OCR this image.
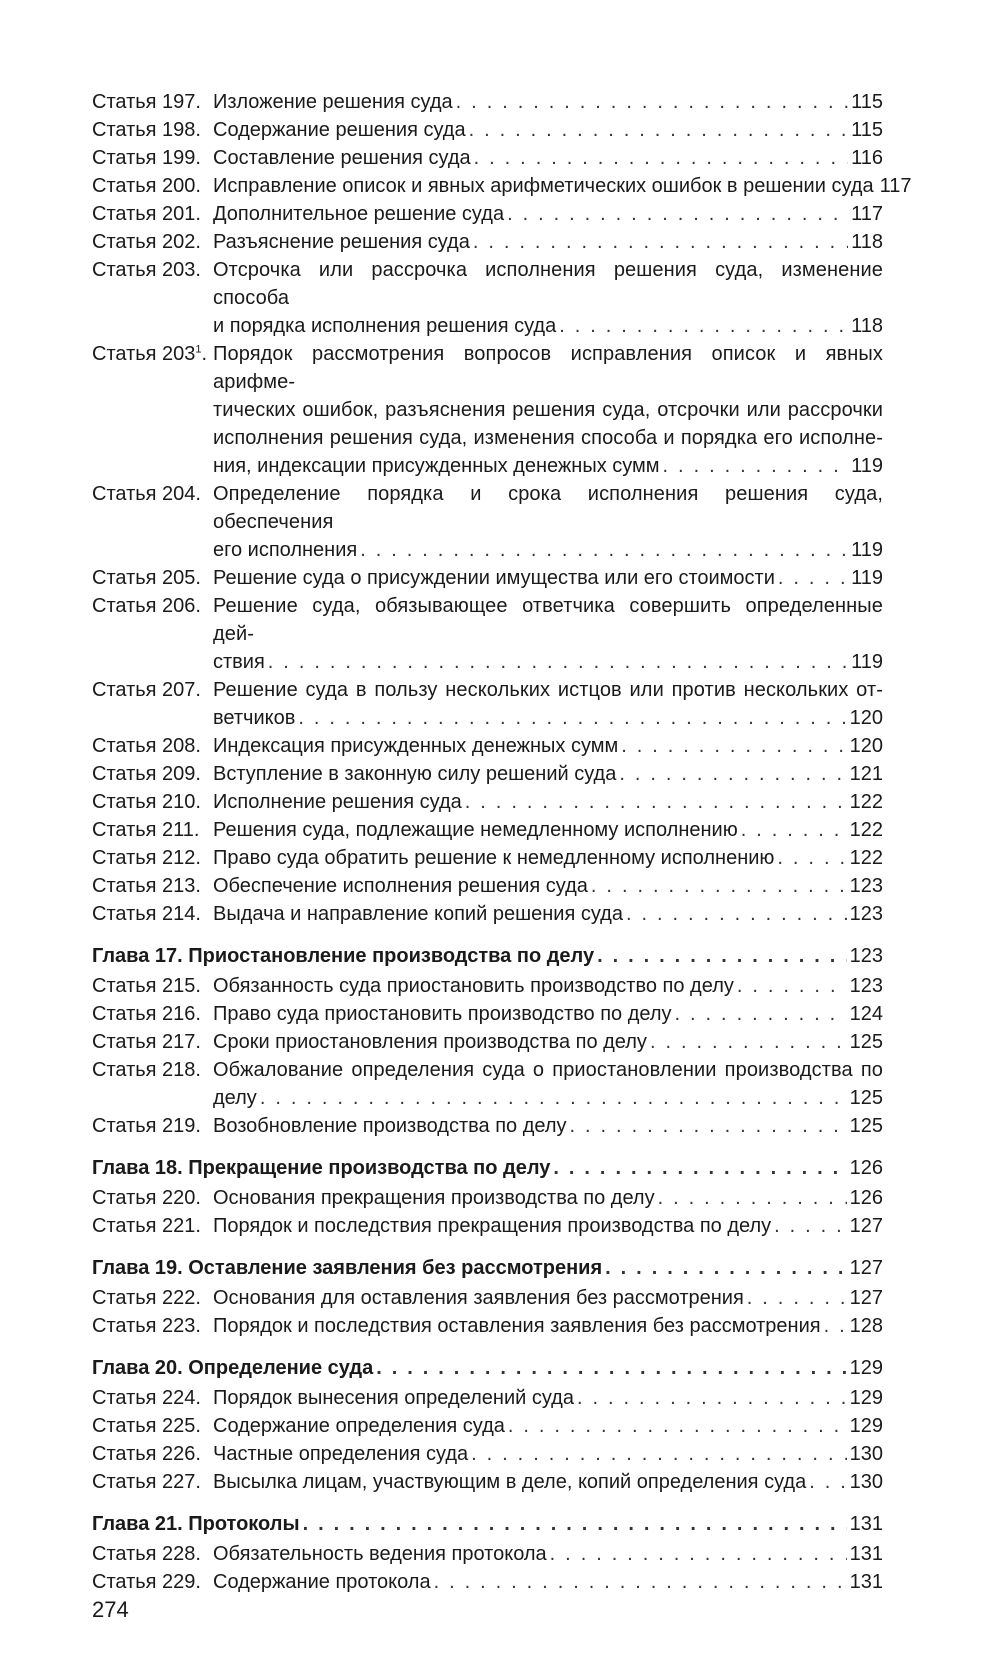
Статья 197. Изложение решения суда . . .	115
Статья 198. Содержание решения суда . . .	115
Статья 199. Составление решения суда . . .	116
Статья 200. Исправление описок и явных арифметических ошибок в решении суда 117
Статья 201. Дополнительное решение суда . . .	117
Статья 202. Разъяснение решения суда . . .	118
Статья 203. Отсрочка или рассрочка исполнения решения суда, изменение способа
и порядка исполнения решения суда . . .	118
Статья $203^1$. Порядок рассмотрения вопросов исправления описок и явных арифме-
тических ошибок, разъяснения решения суда, отсрочки или рассрочки
исполнения решения суда, изменения способа и порядка его исполне-
ния, индексации присужденных денежных сумм . . .	119
Статья 204. Определение порядка и срока исполнения решения суда, обеспечения
его исполнения . . .	119
Статья 205. Решение суда о присуждении имущества или его стоимости . . .	119
Статья 206. Решение суда, обязывающее ответчика совершить определенные дей-
ствия . . .	119
Статья 207. Решение суда в пользу нескольких истцов или против нескольких от-
ветчиков . . .	120
Статья 208. Индексация присужденных денежных сумм . . .	120
Статья 209. Вступление в законную силу решений суда . . .	121
Статья 210. Исполнение решения суда . . .	122
Статья 211. Решения суда, подлежащие немедленному исполнению . . .	122
Статья 212. Право суда обратить решение к немедленному исполнению . . .	122
Статья 213. Обеспечение исполнения решения суда . . .	123
Статья 214. Выдача и направление копий решения суда . . .	123
Глава 17. Приостановление производства по делу . . .	123
Статья 215. Обязанность суда приостановить производство по делу . . .	123
Статья 216. Право суда приостановить производство по делу . . .	124
Статья 217. Сроки приостановления производства по делу . . .	125
Статья 218. Обжалование определения суда о приостановлении производства по
делу . . .	125
Статья 219. Возобновление производства по делу . . .	125
Глава 18. Прекращение производства по делу . . .	126
Статья 220. Основания прекращения производства по делу . . .	126
Статья 221. Порядок и последствия прекращения производства по делу . . .	127
Глава 19. Оставление заявления без рассмотрения . . .	127
Статья 222. Основания для оставления заявления без рассмотрения . . .	127
Статья 223. Порядок и последствия оставления заявления без рассмотрения . . . 128
Глава 20. Определение суда . . .	129
Статья 224. Порядок вынесения определений суда . . .	129
Статья 225. Содержание определения суда . . .	129
Статья 226. Частные определения суда . . .	130
Статья 227. Высылка лицам, участвующим в деле, копий определения суда . . . 130
Глава 21. Протоколы . . .	131
Статья 228. Обязательность ведения протокола . . .	131
Статья 229. Содержание протокола . . .	131
274
